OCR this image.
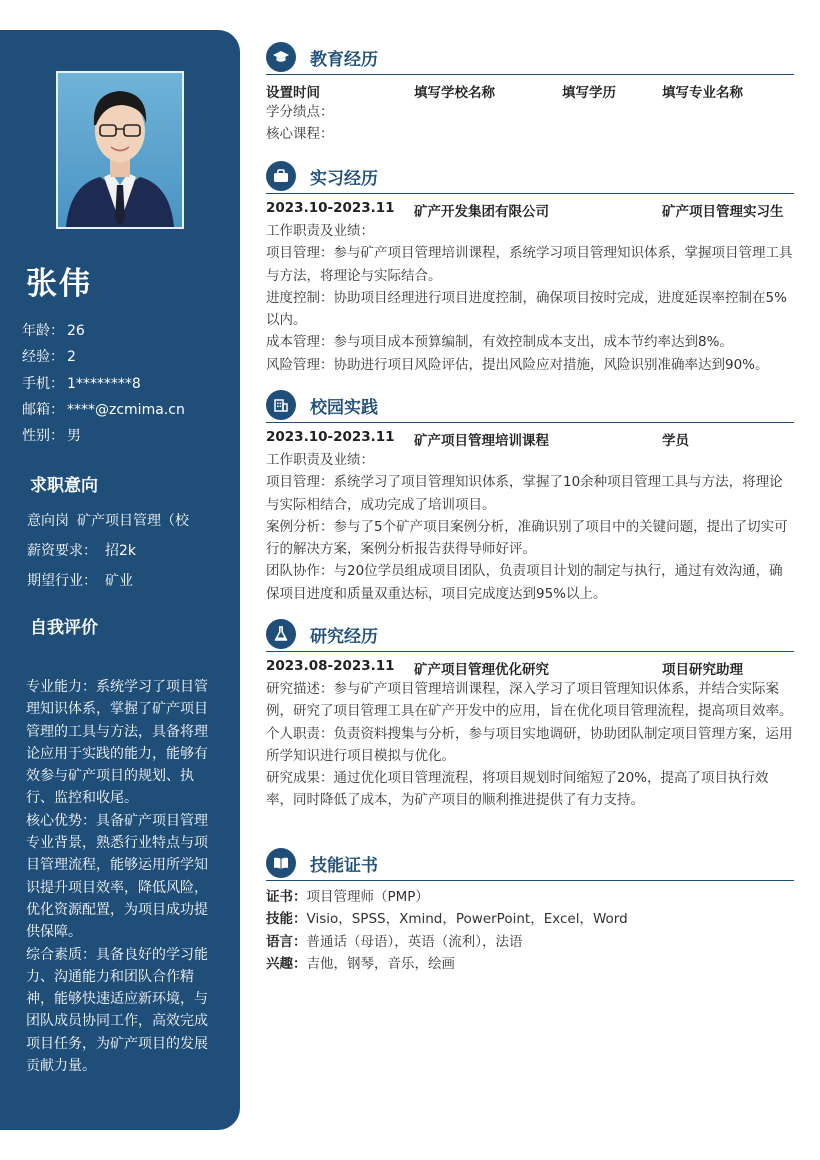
张伟
年龄： 26
经验： 2
手机： 1********8
邮箱： ****@zcmima.cn
性别： 男
求职意向
意向岗 矿产项目管理（校
薪资要求： 招2k
期望行业： 矿业
自我评价

专业能力：系统学习了项目管理知识体系，掌握了矿产项目管理的工具与方法，具备将理论应用于实践的能力，能够有效参与矿产项目的规划、执行、监控和收尾。

核心优势：具备矿产项目管理专业背景，熟悉行业特点与项目管理流程，能够运用所学知识提升项目效率，降低风险，优化资源配置，为项目成功提供保障。

综合素质：具备良好的学习能力、沟通能力和团队合作精神，能够快速适应新环境，与团队成员协同工作，高效完成项目任务，为矿产项目的发展贡献力量。

教育经历
设置时间	填写学校名称	填写学历	填写专业名称

学分绩点：

核心课程：

实习经历
2023.10-2023.11 矿产开发集团有限公司	矿产项目管理实习生

工作职责及业绩：

项目管理：参与矿产项目管理培训课程，系统学习项目管理知识体系，掌握项目管理工具与方法，将理论与实际结合。

进度控制：协助项目经理进行项目进度控制，确保项目按时完成，进度延误率控制在5%以内。

成本管理：参与项目成本预算编制，有效控制成本支出，成本节约率达到8%。

风险管理：协助进行项目风险评估，提出风险应对措施，风险识别准确率达到90%。

校园实践
2023.10-2023.11 矿产项目管理培训课程	学员

工作职责及业绩：

项目管理：系统学习了项目管理知识体系，掌握了10余种项目管理工具与方法，将理论与实际相结合，成功完成了培训项目。

案例分析：参与了5个矿产项目案例分析，准确识别了项目中的关键问题，提出了切实可行的解决方案，案例分析报告获得导师好评。

团队协作：与20位学员组成项目团队，负责项目计划的制定与执行，通过有效沟通，确保项目进度和质量双重达标，项目完成度达到95%以上。

研究经历
2023.08-2023.11 矿产项目管理优化研究	项目研究助理

研究描述：参与矿产项目管理培训课程，深入学习了项目管理知识体系，并结合实际案例，研究了项目管理工具在矿产开发中的应用，旨在优化项目管理流程，提高项目效率。

个人职责：负责资料搜集与分析，参与项目实地调研，协助团队制定项目管理方案，运用所学知识进行项目模拟与优化。

研究成果：通过优化项目管理流程，将项目规划时间缩短了20%，提高了项目执行效率，同时降低了成本，为矿产项目的顺利推进提供了有力支持。

技能证书
证书：项目管理师（PMP）
技能：Visio，SPSS，Xmind，PowerPoint，Excel，Word
语言：普通话（母语），英语（流利），法语
兴趣：吉他，钢琴，音乐，绘画
